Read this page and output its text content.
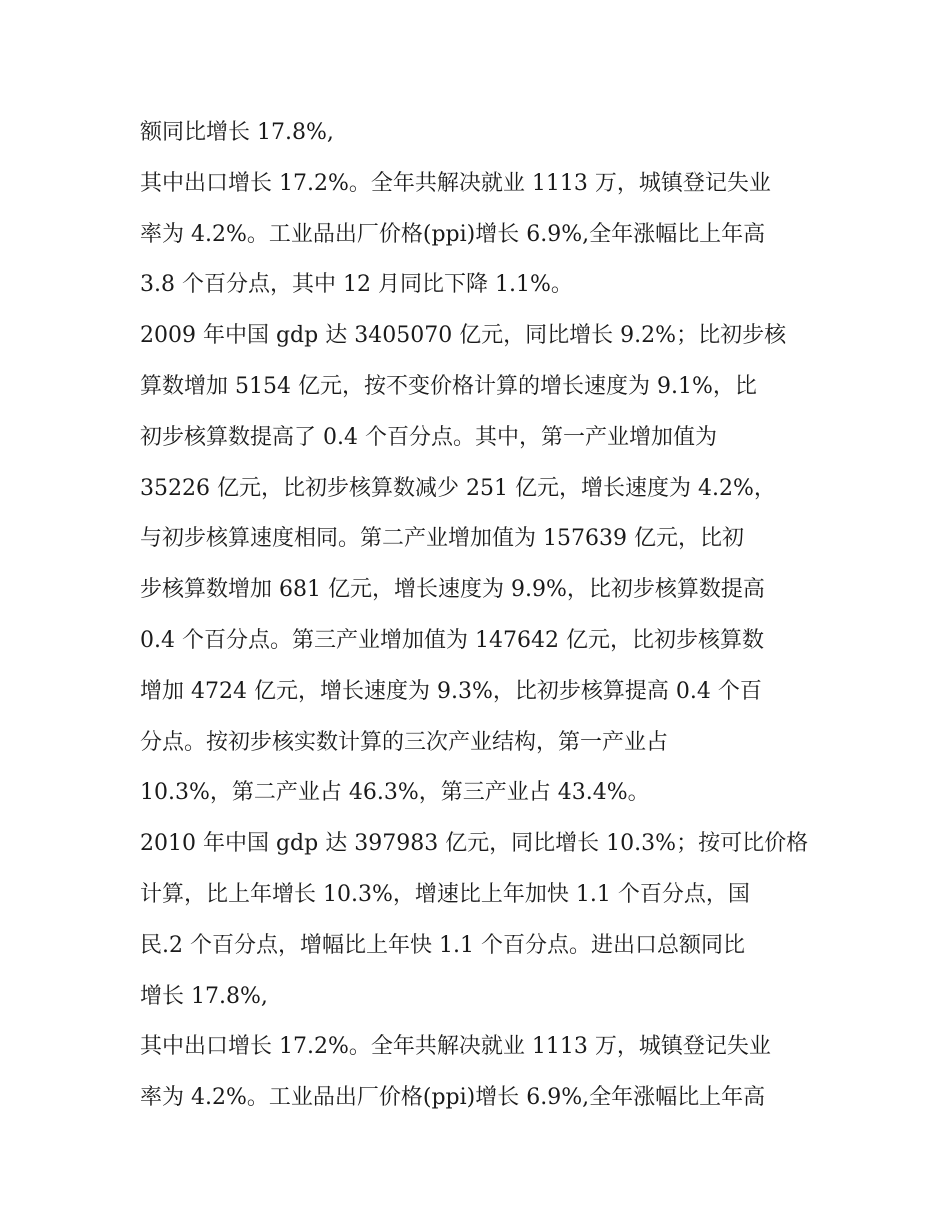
额同比增长 17.8%,
其中出口增长 17.2%。全年共解决就业 1113 万，城镇登记失业
率为 4.2%。工业品出厂价格(ppi)增长 6.9%,全年涨幅比上年高
3.8 个百分点，其中 12 月同比下降 1.1%。
2009 年中国 gdp 达 3405070 亿元，同比增长 9.2%；比初步核
算数增加 5154 亿元，按不变价格计算的增长速度为 9.1%，比
初步核算数提高了 0.4 个百分点。其中，第一产业增加值为
35226 亿元，比初步核算数减少 251 亿元，增长速度为 4.2%，
与初步核算速度相同。第二产业增加值为 157639 亿元，比初
步核算数增加 681 亿元，增长速度为 9.9%，比初步核算数提高
0.4 个百分点。第三产业增加值为 147642 亿元，比初步核算数
增加 4724 亿元，增长速度为 9.3%，比初步核算提高 0.4 个百
分点。按初步核实数计算的三次产业结构，第一产业占
10.3%，第二产业占 46.3%，第三产业占 43.4%。
2010 年中国 gdp 达 397983 亿元，同比增长 10.3%；按可比价格
计算，比上年增长 10.3%，增速比上年加快 1.1 个百分点，国
民.2 个百分点，增幅比上年快 1.1 个百分点。进出口总额同比
增长 17.8%,
其中出口增长 17.2%。全年共解决就业 1113 万，城镇登记失业
率为 4.2%。工业品出厂价格(ppi)增长 6.9%,全年涨幅比上年高
